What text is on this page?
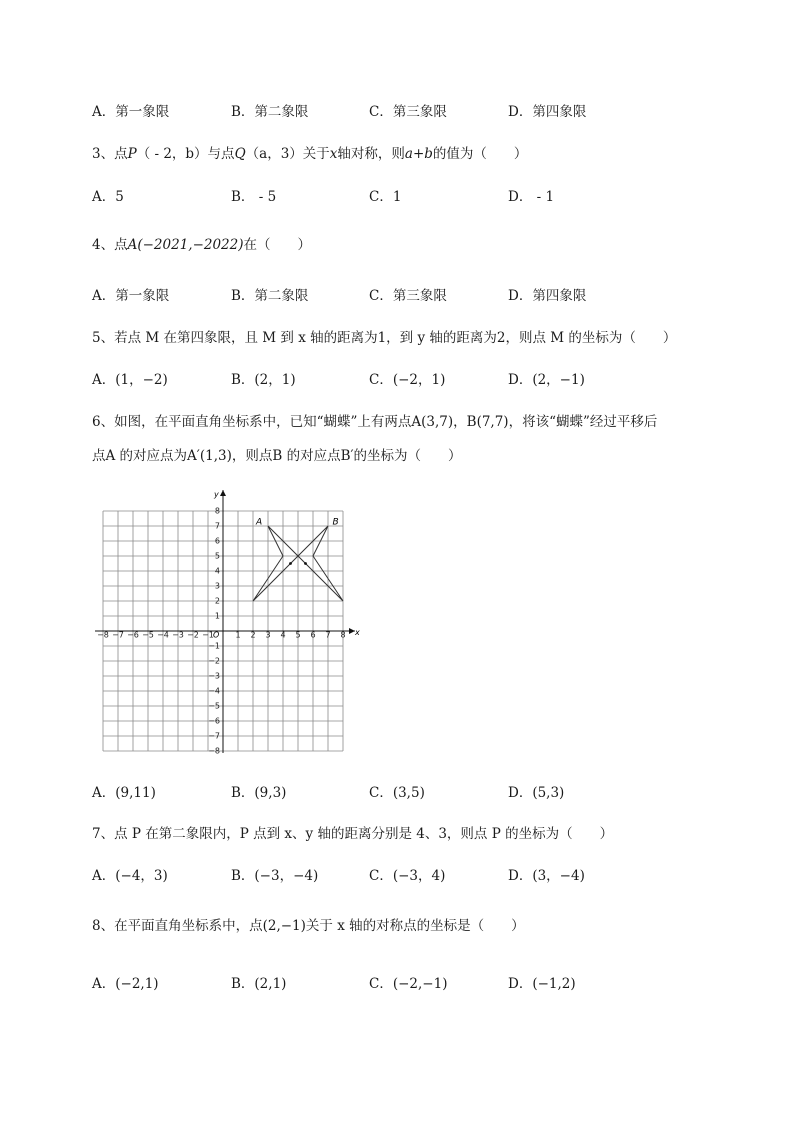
A．第一象限	B．第二象限	C．第三象限	D．第四象限
3、点P（ - 2，b）与点Q（a，3）关于x轴对称，则a+b的值为（　　）
A．5	B． - 5	C．1	D． - 1
4、点A(−2021,−2022)在（　　）
A．第一象限	B．第二象限	C．第三象限	D．第四象限
5、若点 M 在第四象限，且 M 到 x 轴的距离为1，到 y 轴的距离为2，则点 M 的坐标为（　　）
A．(1，−2)	B．(2，1)	C．(−2，1)	D．(2，−1)
6、如图，在平面直角坐标系中，已知“蝴蝶”上有两点A(3,7)，B(7,7)，将该“蝴蝶”经过平移后
点A 的对应点为A′(1,3)，则点B 的对应点B′的坐标为（　　）
−8 −7 −6 −5 −4 −3 −2 −1	1 2 3 4 5 6 7 8
−8
−7
−6
−5
−4
−3
−2
−1
1
2
3
4
5
6
7
8
x
y
O
A	B
A．(9,11)	B．(9,3)	C．(3,5)	D．(5,3)
7、点 P 在第二象限内，P 点到 x、y 轴的距离分别是 4、3，则点 P 的坐标为（　　）
A．(−4，3)	B．(−3，−4)	C．(−3，4)	D．(3，−4)
8、在平面直角坐标系中，点(2,−1)关于 x 轴的对称点的坐标是（　　）
A．(−2,1)	B．(2,1)	C．(−2,−1)	D．(−1,2)
